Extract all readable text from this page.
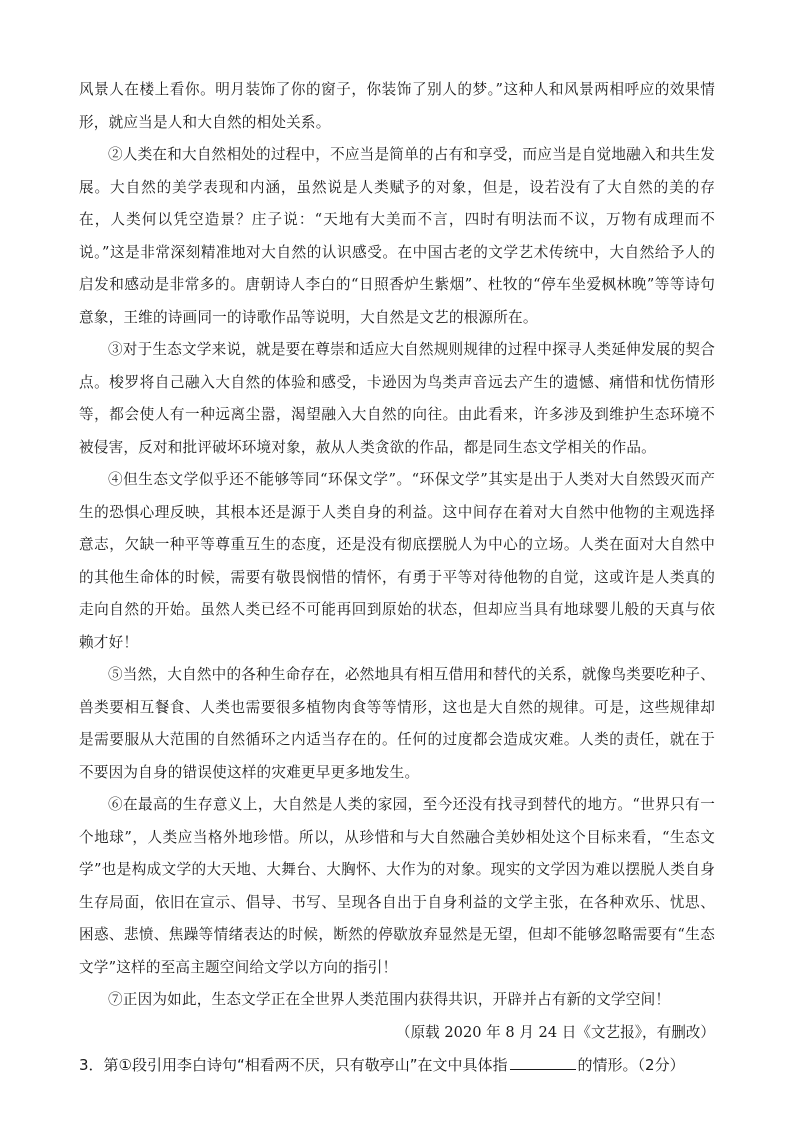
风景人在楼上看你。明月装饰了你的窗子，你装饰了别人的梦。”这种人和风景两相呼应的效果情形，就应当是人和大自然的相处关系。

②人类在和大自然相处的过程中，不应当是简单的占有和享受，而应当是自觉地融入和共生发展。大自然的美学表现和内涵，虽然说是人类赋予的对象，但是，设若没有了大自然的美的存在，人类何以凭空造景？庄子说：“天地有大美而不言，四时有明法而不议，万物有成理而不说。”这是非常深刻精准地对大自然的认识感受。在中国古老的文学艺术传统中，大自然给予人的启发和感动是非常多的。唐朝诗人李白的“日照香炉生紫烟”、杜牧的“停车坐爱枫林晚”等等诗句意象，王维的诗画同一的诗歌作品等说明，大自然是文艺的根源所在。

③对于生态文学来说，就是要在尊崇和适应大自然规则规律的过程中探寻人类延伸发展的契合点。梭罗将自己融入大自然的体验和感受，卡逊因为鸟类声音远去产生的遗憾、痛惜和忧伤情形等，都会使人有一种远离尘嚣，渴望融入大自然的向往。由此看来，许多涉及到维护生态环境不被侵害，反对和批评破坏环境对象，赦从人类贪欲的作品，都是同生态文学相关的作品。

④但生态文学似乎还不能够等同“环保文学”。“环保文学”其实是出于人类对大自然毁灭而产生的恐惧心理反映，其根本还是源于人类自身的利益。这中间存在着对大自然中他物的主观选择意志，欠缺一种平等尊重互生的态度，还是没有彻底摆脱人为中心的立场。人类在面对大自然中的其他生命体的时候，需要有敬畏悯惜的情怀，有勇于平等对待他物的自觉，这或许是人类真的走向自然的开始。虽然人类已经不可能再回到原始的状态，但却应当具有地球婴儿般的天真与依赖才好！

⑤当然，大自然中的各种生命存在，必然地具有相互借用和替代的关系，就像鸟类要吃种子、兽类要相互餐食、人类也需要很多植物肉食等等情形，这也是大自然的规律。可是，这些规律却是需要服从大范围的自然循环之内适当存在的。任何的过度都会造成灾难。人类的责任，就在于不要因为自身的错误使这样的灾难更早更多地发生。

⑥在最高的生存意义上，大自然是人类的家园，至今还没有找寻到替代的地方。“世界只有一个地球”，人类应当格外地珍惜。所以，从珍惜和与大自然融合美妙相处这个目标来看，“生态文学”也是构成文学的大天地、大舞台、大胸怀、大作为的对象。现实的文学因为难以摆脱人类自身生存局面，依旧在宣示、倡导、书写、呈现各自出于自身利益的文学主张，在各种欢乐、忧思、困惑、悲愤、焦躁等情绪表达的时候，断然的停歇放弃显然是无望，但却不能够忽略需要有“生态文学”这样的至高主题空间给文学以方向的指引！

⑦正因为如此，生态文学正在全世界人类范围内获得共识，开辟并占有新的文学空间！

（原载 2020 年 8 月 24 日《文艺报》，有删改）

3．第①段引用李白诗句“相看两不厌，只有敬亭山”在文中具体指	的情形。（2分）
